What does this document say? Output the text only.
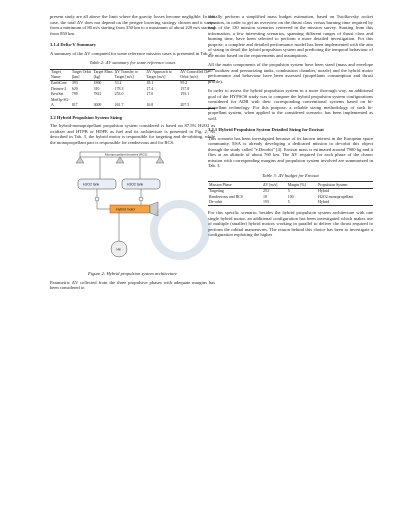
present study are all above the limit where the gravity losses become negligible. In this case, the total ΔV does not depend on the perigee lowering strategy chosen and it varies from a minimum of 80 m/s starting from 350 km to a maximum of about 220 m/s starting from 850 km.

3.1.4 Delta-V Summary

A summary of the ΔV computed for some reference mission cases is presented in Tab. 2.

Table 2: ΔV summary for some reference cases
Target Name	Target Orbit [km]	Target Mass [kg]	ΔV Transfer to Target [m/s]	ΔV Approach to Target [m/s]	ΔV Controlled De-Orbit [m/s]
EarthCare	393	1860	53.2	18.1	95.2
Deimos-2	620	310	178.3	17.4	157.8
EnviSat	790	7821	253.0	17.0	193.1
MetOp-SG-A	817	3000	261.7	16.8	207.5
3.2 Hybrid Propulsion System Sizing

The hybrid-monopropellant propulsion system considered is based on 87.5% H2O2 as oxidizer and HTPB or HDPE as fuel and its architecture is presented in Fig. 2. As described in Tab. 3, the hybrid motor is responsible for targeting and de-orbiting, while the monopropellant part is responsible for rendezvous and for RCS.

Monopropellant thrusters (RCS)
H2O2 tank	H2O2 tank
Hybrid motor
He
Figure 2: Hybrid propulsion system architecture

Parametric ΔV collected from the three propulsive phases with adequate margins has been considered to

initially perform a simplified mass budget estimation, based on Tsiolkovsky rocket equation, in order to get an overview on the thrust class versus burning time required by each of the 130 mission scenarios retrieved in the mission survey. Starting from this information, a few interesting scenarios, spanning different ranges of thrust class and burning time, have been selected to perform a more detailed investigation. For this purpose, a complete and detailed performance model has been implemented with the aim of sizing in detail the hybrid propulsion system and predicting the temporal behaviour of the motor based on the requirements and assumptions.

All the main components of the propulsion system have been sized (mass and envelope of: oxidizer and pressurizing tanks, combustion chamber, nozzle) and the hybrid motor performance and behaviour have been assessed (propellants consumption and thrust profile).

In order to assess the hybrid propulsion system in a more thorough way, an additional goal of the HYPSOS study was to compare the hybrid propulsion system configurations considered for ADR with their corresponding conventional systems based on bi-propellant technology. For this purpose, a reliable sizing methodology of such bi-propellant system, when applied to the considered scenario, has been implemented as well.

3.2.1 Hybrid Propulsion System Detailed Sizing for Envisat

This scenario has been investigated because of its known interest in the European space community. ESA is already developing a dedicated mission to de-orbit this object through the study called "e.Deorbit" [4]. Envisat mass is estimated around 7900 kg and it flies at an altitude of about 760 km. The ΔV required for each phase of the chaser mission with corresponding margins and propulsion system involved are summarized in Tab. 3.

Table 3: ΔV budget for Envisat
Mission Phase	ΔV [m/s]	Margin [%]	Propulsion System
Targeting	253	5	Hybrid
Rendezvous and RCS	18	100	H2O2 monopropellant
De-orbit	193	5	Hybrid

For this specific scenario, besides the hybrid propulsion system architecture with one single hybrid motor, an additional configuration has been investigated which makes use of multiple (smaller) hybrid motors working in parallel to deliver the thrust required to perform the orbital manoeuvres. The reason behind this choice has been to investigate a configuration exploiting the higher
